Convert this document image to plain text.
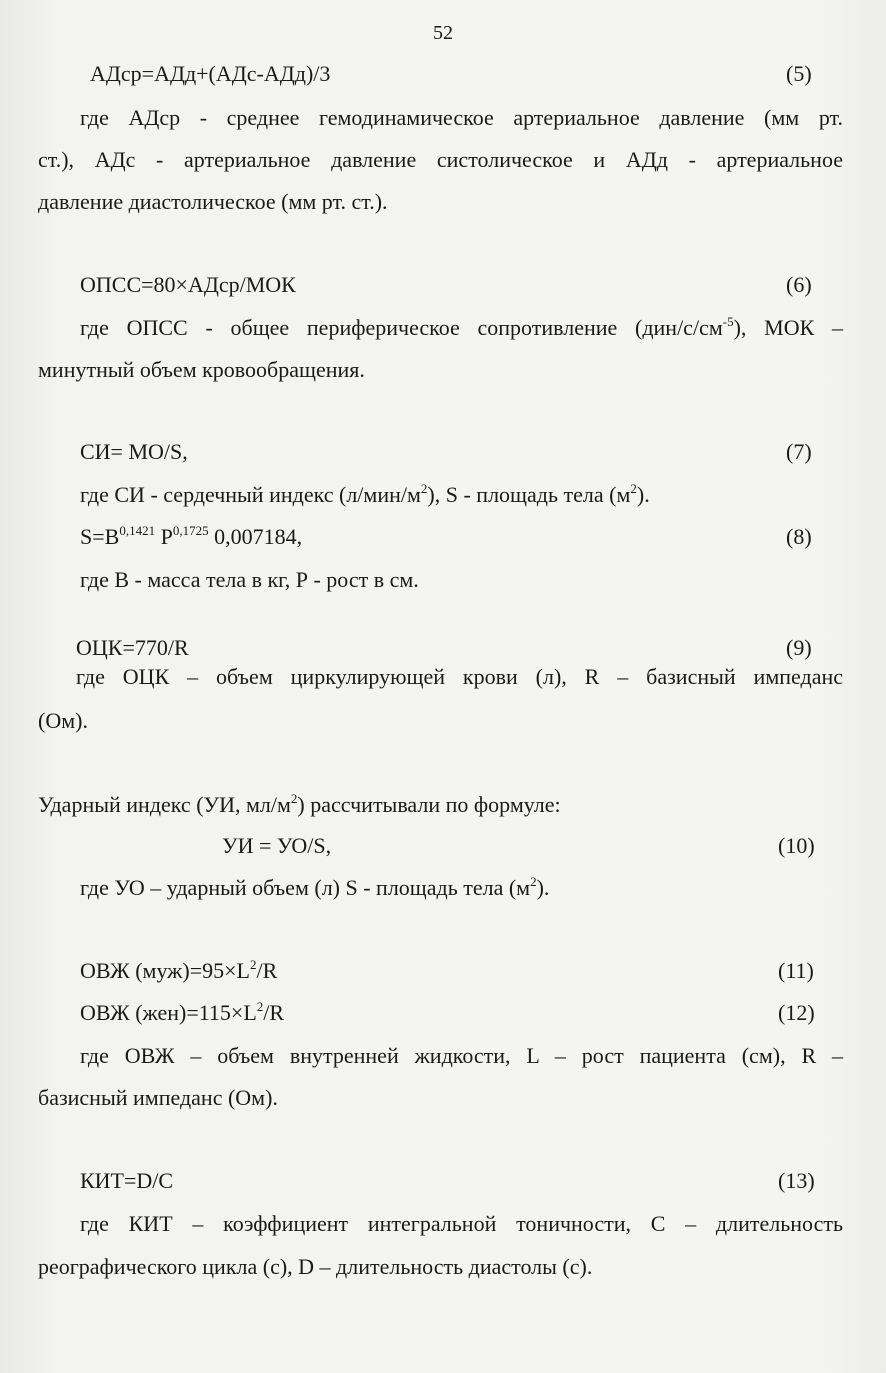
52
АДср=АДд+(АДс-АДд)/3	(5)
где АДср - среднее гемодинамическое артериальное давление (мм рт.
ст.), АДс - артериальное давление систолическое и АДд - артериальное
давление диастолическое (мм рт. ст.).
ОПСС=80×АДср/МОК	(6)
где ОПСС - общее периферическое сопротивление $(дин/с/см^{-5})$, МОК –
минутный объем кровообращения.
СИ= МО/S,	(7)
где СИ - сердечный индекс $(л/мин/м^2)$, S - площадь тела $(м^2)$.
$S=B^{0,1421}$ $P^{0,1725}$ 0,007184,	(8)
где В - масса тела в кг, Р - рост в см.
ОЦК=770/R	(9)
где ОЦК – объем циркулирующей крови (л), R – базисный импеданс
(Ом).
Ударный индекс (УИ, $мл/м^2$) рассчитывали по формуле:
УИ = УО/S,	(10)
где УО – ударный объем (л) S - площадь тела $(м^2)$.
ОВЖ $(муж)=95\times L^2/R$	(11)
ОВЖ $(жен)=115\times L^2/R$	(12)
где ОВЖ – объем внутренней жидкости, L – рост пациента (см), R –
базисный импеданс (Ом).
КИТ=D/C	(13)
где КИТ – коэффициент интегральной тоничности, С – длительность
реографического цикла (с), D – длительность диастолы (с).
